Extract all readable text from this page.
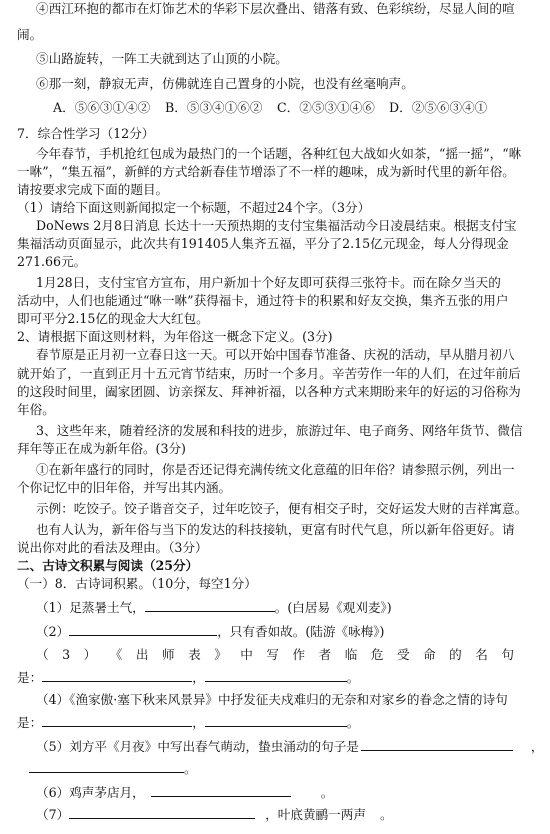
④西江环抱的都市在灯饰艺术的华彩下层次叠出、错落有致、色彩缤纷，尽显人间的喧
闹。
⑤山路旋转，一阵工夫就到达了山顶的小院。
⑥那一刻，静寂无声，仿佛就连自己置身的小院，也没有丝毫响声。
A．⑤⑥③①④② B．⑤③④①⑥② C．②⑤③①④⑥ D．②⑤⑥③④①
7．综合性学习（12分）
今年春节，手机抢红包成为最热门的一个话题，各种红包大战如火如茶，“摇一摇”，“咻
一咻”，“集五福”，新鲜的方式给新春佳节增添了不一样的趣味，成为新时代里的新年俗。
请按要求完成下面的题目。
（1）请给下面这则新闻拟定一个标题，不超过24个字。（3分）
DoNews 2月8日消息 长达十一天预热期的支付宝集福活动今日凌晨结束。根据支付宝
集福活动页面显示，此次共有191405人集齐五福，平分了2.15亿元现金，每人分得现金
271.66元。
1月28日，支付宝官方宣布，用户新加十个好友即可获得三张符卡。而在除夕当天的
活动中，人们也能通过“咻一咻”获得福卡，通过符卡的积累和好友交换，集齐五张的用户
即可平分2.15亿的现金大大红包。
2、请根据下面这则材料，为年俗这一概念下定义。(3分)
春节原是正月初一立春日这一天。可以开始中国春节准备、庆祝的活动，早从腊月初八
就开始了，一直到正月十五元宵节结束，历时一个多月。辛苦劳作一年的人们，在过年前后
的这段时间里，阖家团圆、访亲探友、拜神祈福，以各种方式来期盼来年的好运的习俗称为
年俗。
3、这些年来，随着经济的发展和科技的进步，旅游过年、电子商务、网络年货节、微信
拜年等正在成为新年俗。(3分)
①在新年盛行的同时，你是否还记得充满传统文化意蕴的旧年俗？请参照示例，列出一
个你记忆中的旧年俗，并写出其内涵。
示例：吃饺子。饺子谐音交子，过年吃饺子，便有相交子时，交好运发大财的吉祥寓意。
也有人认为，新年俗与当下的发达的科技接轨，更富有时代气息，所以新年俗更好。请
说出你对此的看法及理由。（3分）
二、古诗文积累与阅读（25分）
（一）8．古诗词积累。（10分，每空1分）
（1）足蒸暑土气，	。(白居易《观刈麦》)
（2）	，只有香如故。(陆游《咏梅》)
（ 3 ） 《 出 师 表 》 中 写 作 者 临 危 受 命 的 名 句
是：	，	。
（4）《渔家傲·塞下秋来风景异》中抒发征夫戍难归的无奈和对家乡的眷念之情的诗句
是：	，	。
（5）刘方平《月夜》中写出春气萌动，蛰虫涌动的句子是	，
。
（6）鸡声茅店月，	。
（7）	，叶底黄鹂一两声 。
